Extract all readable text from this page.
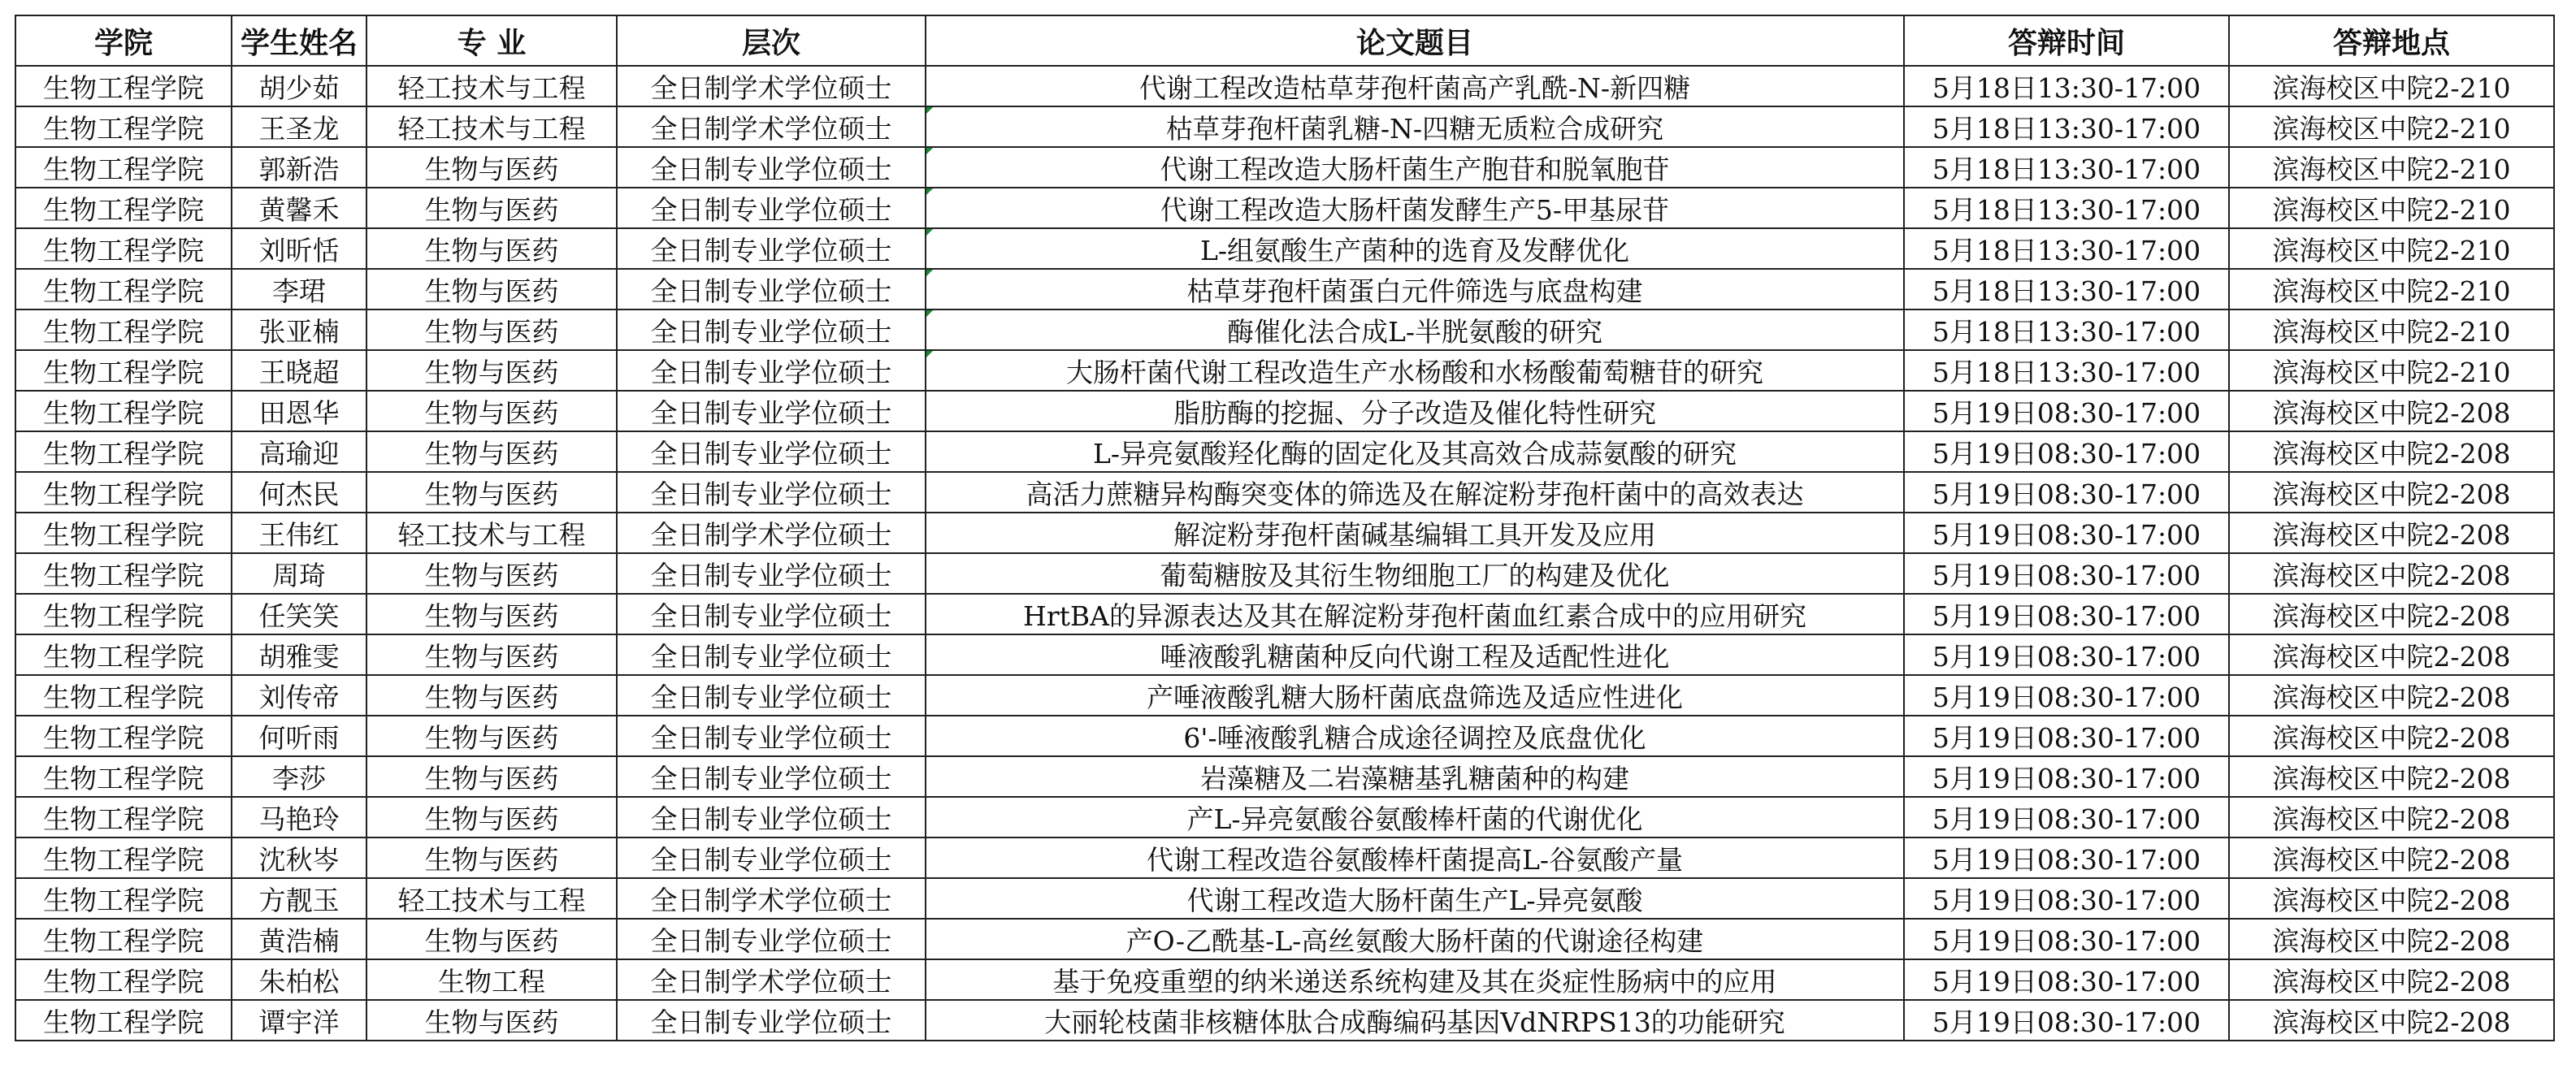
学院	学生姓名	专 业	层次	论文题目	答辩时间	答辩地点
生物工程学院	胡少茹	轻工技术与工程	全日制学术学位硕士	代谢工程改造枯草芽孢杆菌高产乳酰-N-新四糖	5月18日13:30-17:00	滨海校区中院2-210
生物工程学院	王圣龙	轻工技术与工程	全日制学术学位硕士	枯草芽孢杆菌乳糖-N-四糖无质粒合成研究	5月18日13:30-17:00	滨海校区中院2-210
生物工程学院	郭新浩	生物与医药	全日制专业学位硕士	代谢工程改造大肠杆菌生产胞苷和脱氧胞苷	5月18日13:30-17:00	滨海校区中院2-210
生物工程学院	黄馨禾	生物与医药	全日制专业学位硕士	代谢工程改造大肠杆菌发酵生产5-甲基尿苷	5月18日13:30-17:00	滨海校区中院2-210
生物工程学院	刘昕恬	生物与医药	全日制专业学位硕士	L-组氨酸生产菌种的选育及发酵优化	5月18日13:30-17:00	滨海校区中院2-210
生物工程学院	李珺	生物与医药	全日制专业学位硕士	枯草芽孢杆菌蛋白元件筛选与底盘构建	5月18日13:30-17:00	滨海校区中院2-210
生物工程学院	张亚楠	生物与医药	全日制专业学位硕士	酶催化法合成L-半胱氨酸的研究	5月18日13:30-17:00	滨海校区中院2-210
生物工程学院	王晓超	生物与医药	全日制专业学位硕士	大肠杆菌代谢工程改造生产水杨酸和水杨酸葡萄糖苷的研究	5月18日13:30-17:00	滨海校区中院2-210
生物工程学院	田恩华	生物与医药	全日制专业学位硕士	脂肪酶的挖掘、分子改造及催化特性研究	5月19日08:30-17:00	滨海校区中院2-208
生物工程学院	高瑜迎	生物与医药	全日制专业学位硕士	L-异亮氨酸羟化酶的固定化及其高效合成蒜氨酸的研究	5月19日08:30-17:00	滨海校区中院2-208
生物工程学院	何杰民	生物与医药	全日制专业学位硕士	高活力蔗糖异构酶突变体的筛选及在解淀粉芽孢杆菌中的高效表达	5月19日08:30-17:00	滨海校区中院2-208
生物工程学院	王伟红	轻工技术与工程	全日制学术学位硕士	解淀粉芽孢杆菌碱基编辑工具开发及应用	5月19日08:30-17:00	滨海校区中院2-208
生物工程学院	周琦	生物与医药	全日制专业学位硕士	葡萄糖胺及其衍生物细胞工厂的构建及优化	5月19日08:30-17:00	滨海校区中院2-208
生物工程学院	任笑笑	生物与医药	全日制专业学位硕士	HrtBA的异源表达及其在解淀粉芽孢杆菌血红素合成中的应用研究	5月19日08:30-17:00	滨海校区中院2-208
生物工程学院	胡雅雯	生物与医药	全日制专业学位硕士	唾液酸乳糖菌种反向代谢工程及适配性进化	5月19日08:30-17:00	滨海校区中院2-208
生物工程学院	刘传帝	生物与医药	全日制专业学位硕士	产唾液酸乳糖大肠杆菌底盘筛选及适应性进化	5月19日08:30-17:00	滨海校区中院2-208
生物工程学院	何听雨	生物与医药	全日制专业学位硕士	6'-唾液酸乳糖合成途径调控及底盘优化	5月19日08:30-17:00	滨海校区中院2-208
生物工程学院	李莎	生物与医药	全日制专业学位硕士	岩藻糖及二岩藻糖基乳糖菌种的构建	5月19日08:30-17:00	滨海校区中院2-208
生物工程学院	马艳玲	生物与医药	全日制专业学位硕士	产L-异亮氨酸谷氨酸棒杆菌的代谢优化	5月19日08:30-17:00	滨海校区中院2-208
生物工程学院	沈秋岑	生物与医药	全日制专业学位硕士	代谢工程改造谷氨酸棒杆菌提高L-谷氨酸产量	5月19日08:30-17:00	滨海校区中院2-208
生物工程学院	方靓玉	轻工技术与工程	全日制学术学位硕士	代谢工程改造大肠杆菌生产L-异亮氨酸	5月19日08:30-17:00	滨海校区中院2-208
生物工程学院	黄浩楠	生物与医药	全日制专业学位硕士	产O-乙酰基-L-高丝氨酸大肠杆菌的代谢途径构建	5月19日08:30-17:00	滨海校区中院2-208
生物工程学院	朱柏松	生物工程	全日制学术学位硕士	基于免疫重塑的纳米递送系统构建及其在炎症性肠病中的应用	5月19日08:30-17:00	滨海校区中院2-208
生物工程学院	谭宇洋	生物与医药	全日制专业学位硕士	大丽轮枝菌非核糖体肽合成酶编码基因VdNRPS13的功能研究	5月19日08:30-17:00	滨海校区中院2-208
